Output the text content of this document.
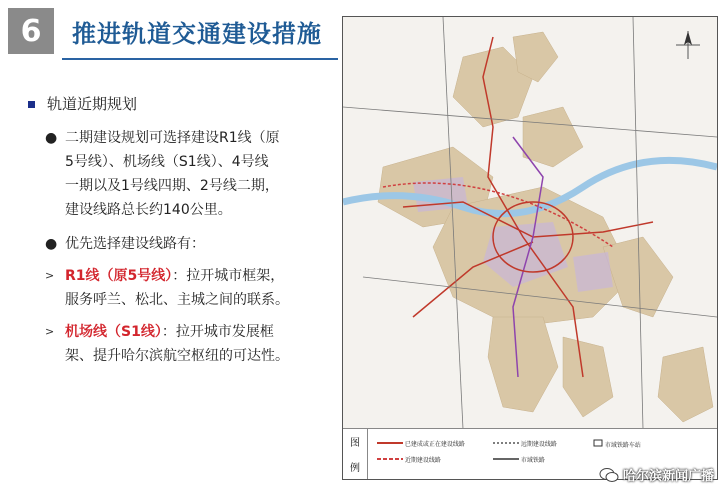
6	推进轨道交通建设措施
轨道近期规划
● 二期建设规划可选择建设R1线（原
5号线）、机场线（S1线）、4号线
一期以及1号线四期、2号线二期，
建设线路总长约140公里。
● 优先选择建设线路有：
> R1线（原5号线）：拉开城市框架，
服务呼兰、松北、主城之间的联系。
> 机场线（S1线）：拉开城市发展框
架、提升哈尔滨航空枢纽的可达性。
图
例
已建成或正在建设线路
近期建设线路
远期建设线路
市域铁路
市域铁路车站
哈尔滨新闻广播
